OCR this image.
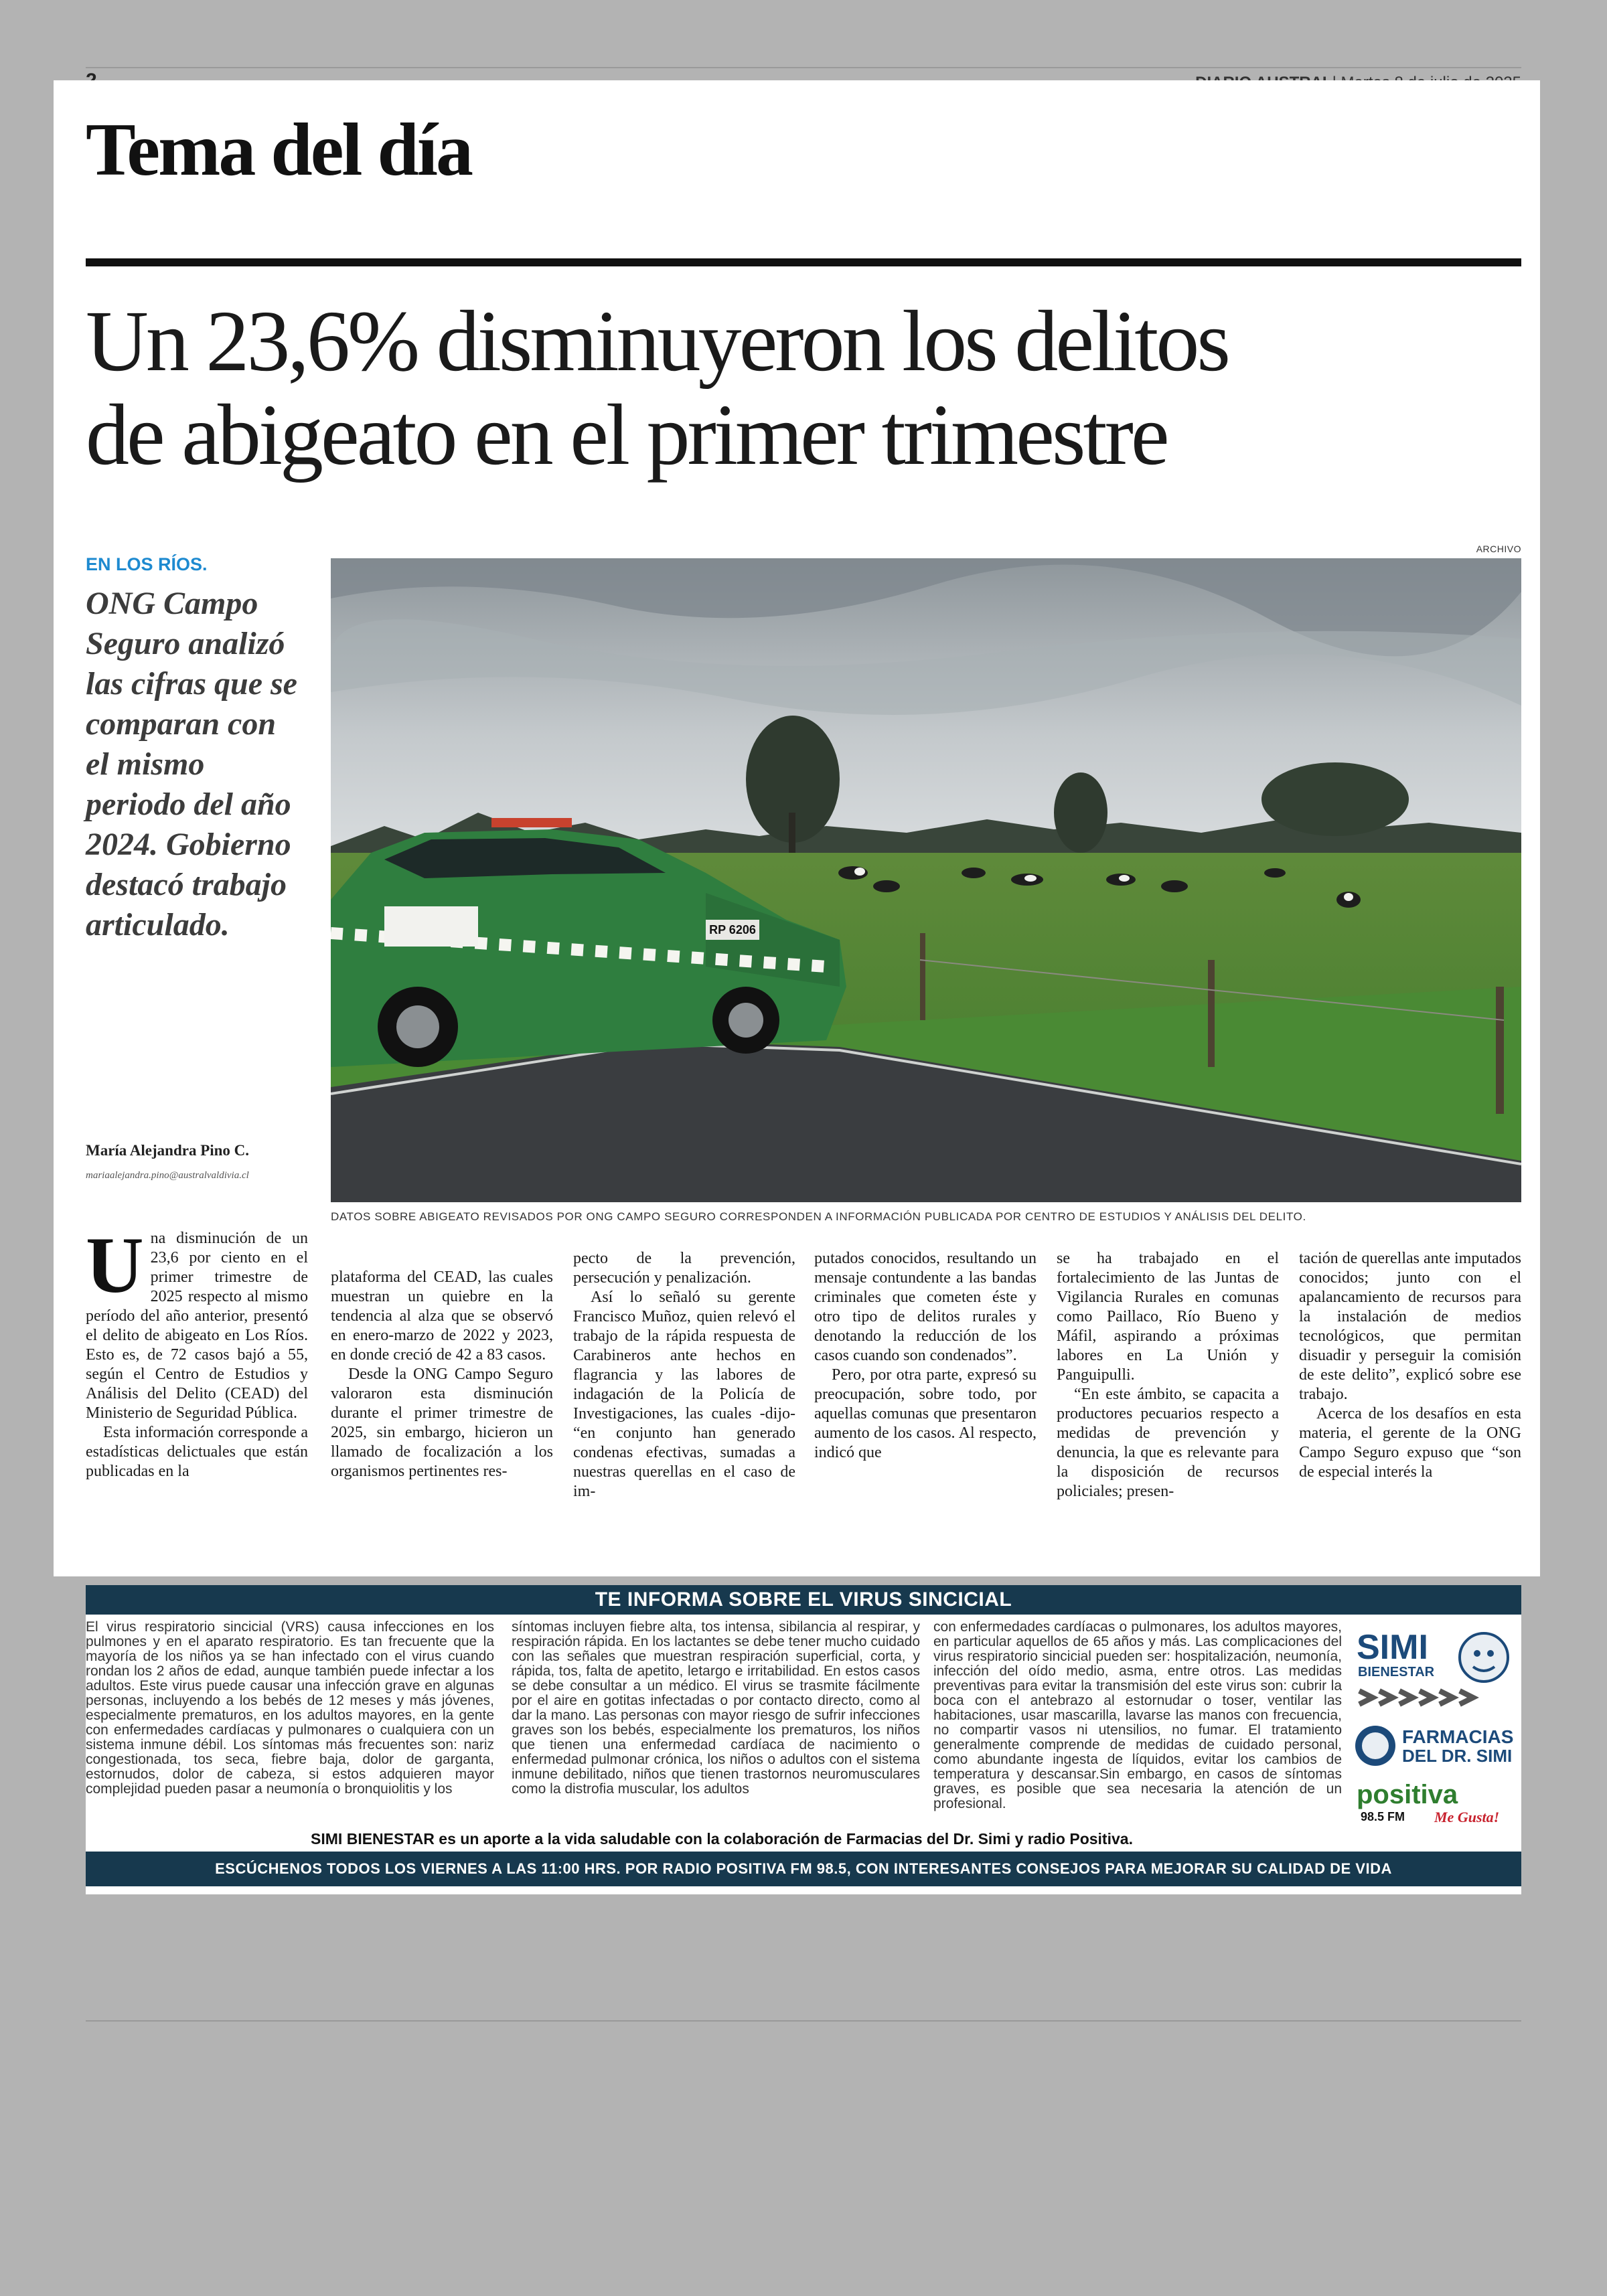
Tema del día
Un 23,6% disminuyeron los delitos
de abigeato en el primer trimestre
EN LOS RÍOS.
ONG Campo Seguro analizó las cifras que se comparan con el mismo periodo del año 2024. Gobierno destacó trabajo articulado.
María Alejandra Pino C.
mariaalejandra.pino@australvaldivia.cl
ARCHIVO
RP 6206
DATOS SOBRE ABIGEATO REVISADOS POR ONG CAMPO SEGURO CORRESPONDEN A INFORMACIÓN PUBLICADA POR CENTRO DE ESTUDIOS Y ANÁLISIS DEL DELITO.
U na disminución de un 23,6 por ciento en el primer trimestre de 2025 respecto al mismo período del año anterior, presentó el delito de abigeato en Los Ríos. Esto es, de 72 casos bajó a 55, según el Centro de Estudios y Análisis del Delito (CEAD) del Ministerio de Seguridad Pública.

Esta información corresponde a estadísticas delictuales que están publicadas en la

plataforma del CEAD, las cuales muestran un quiebre en la tendencia al alza que se observó en enero-marzo de 2022 y 2023, en donde creció de 42 a 83 casos.

Desde la ONG Campo Seguro valoraron esta disminución durante el primer trimestre de 2025, sin embargo, hicieron un llamado de focalización a los organismos pertinentes res-

pecto de la prevención, persecución y penalización.

Así lo señaló su gerente Francisco Muñoz, quien relevó el trabajo de la rápida respuesta de Carabineros ante hechos en flagrancia y las labores de indagación de la Policía de Investigaciones, las cuales -dijo- “en conjunto han generado condenas efectivas, sumadas a nuestras querellas en el caso de im-

putados conocidos, resultando un mensaje contundente a las bandas criminales que cometen éste y otro tipo de delitos rurales y denotando la reducción de los casos cuando son condenados”.

Pero, por otra parte, expresó su preocupación, sobre todo, por aquellas comunas que presentaron aumento de los casos. Al respecto, indicó que

se ha trabajado en el fortalecimiento de las Juntas de Vigilancia Rurales en comunas como Paillaco, Río Bueno y Máfil, aspirando a próximas labores en La Unión y Panguipulli.

“En este ámbito, se capacita a productores pecuarios respecto a medidas de prevención y denuncia, la que es relevante para la disposición de recursos policiales; presen-

tación de querellas ante imputados conocidos; junto con el apalancamiento de recursos para la instalación de medios tecnológicos, que permitan disuadir y perseguir la comisión de este delito”, explicó sobre ese trabajo.

Acerca de los desafíos en esta materia, el gerente de la ONG Campo Seguro expuso que “son de especial interés la

TE INFORMA SOBRE EL VIRUS SINCICIAL

El virus respiratorio sincicial (VRS) causa infecciones en los pulmones y en el aparato respiratorio. Es tan frecuente que la mayoría de los niños ya se han infectado con el virus cuando rondan los 2 años de edad, aunque también puede infectar a los adultos. Este virus puede causar una infección grave en algunas personas, incluyendo a los bebés de 12 meses y más jóvenes, especialmente prematuros, en los adultos mayores, en la gente con enfermedades cardíacas y pulmonares o cualquiera con un sistema inmune débil. Los síntomas más frecuentes son: nariz congestionada, tos seca, fiebre baja, dolor de garganta, estornudos, dolor de cabeza, si estos adquieren mayor complejidad pueden pasar a neumonía o bronquiolitis y los

síntomas incluyen fiebre alta, tos intensa, sibilancia al respirar, y respiración rápida. En los lactantes se debe tener mucho cuidado con las señales que muestran respiración superficial, corta, y rápida, tos, falta de apetito, letargo e irritabilidad. En estos casos se debe consultar a un médico. El virus se trasmite fácilmente por el aire en gotitas infectadas o por contacto directo, como al dar la mano. Las personas con mayor riesgo de sufrir infecciones graves son los bebés, especialmente los prematuros, los niños que tienen una enfermedad cardíaca de nacimiento o enfermedad pulmonar crónica, los niños o adultos con el sistema inmune debilitado, niños que tienen trastornos neuromusculares como la distrofia muscular, los adultos

con enfermedades cardíacas o pulmonares, los adultos mayores, en particular aquellos de 65 años y más. Las complicaciones del virus respiratorio sincicial pueden ser: hospitalización, neumonía, infección del oído medio, asma, entre otros. Las medidas preventivas para evitar la transmisión del este virus son: cubrir la boca con el antebrazo al estornudar o toser, ventilar las habitaciones, usar mascarilla, lavarse las manos con frecuencia, no compartir vasos ni utensilios, no fumar. El tratamiento generalmente comprende de medidas de cuidado personal, como abundante ingesta de líquidos, evitar los cambios de temperatura y descansar.Sin embargo, en casos de síntomas graves, es posible que sea necesaria la atención de un profesional.

SIMI
BIENESTAR
FARMACIAS
DEL DR. SIMI
positiva
98.5 FM Me Gusta!
SIMI BIENESTAR es un aporte a la vida saludable con la colaboración de Farmacias del Dr. Simi y radio Positiva.
ESCÚCHENOS TODOS LOS VIERNES A LAS 11:00 HRS. POR RADIO POSITIVA FM 98.5, CON INTERESANTES CONSEJOS PARA MEJORAR SU CALIDAD DE VIDA
